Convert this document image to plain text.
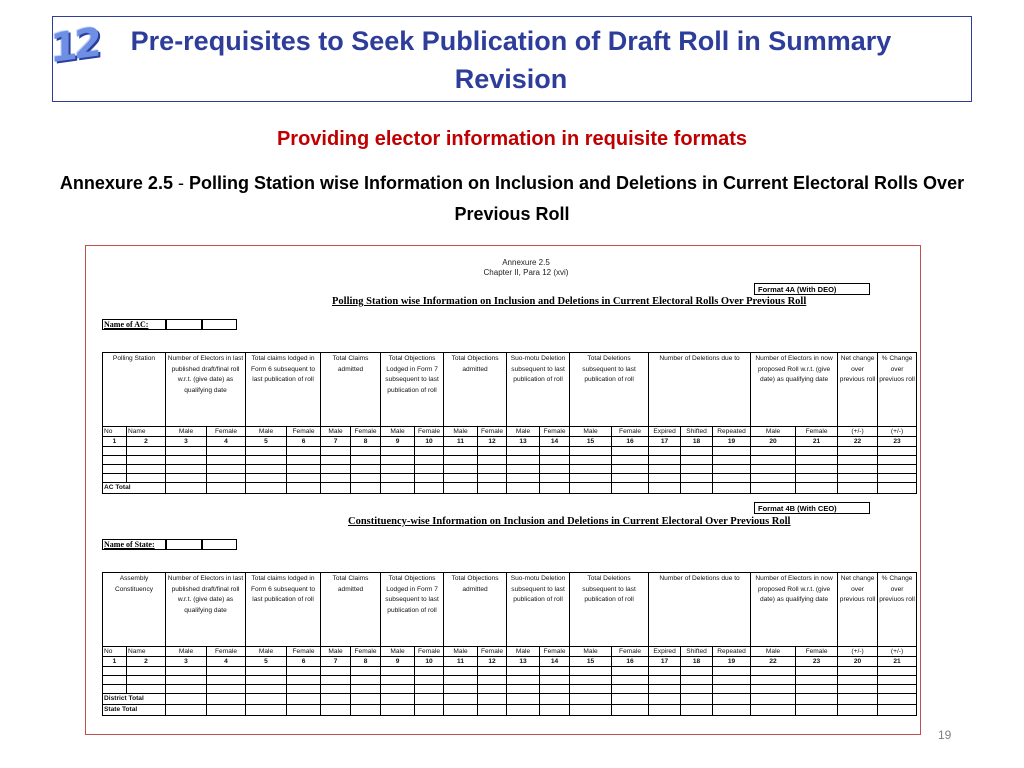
12	Pre-requisites to Seek Publication of Draft Roll in Summary Revision
Providing elector information in requisite formats
Annexure 2.5 - Polling Station wise Information on Inclusion and Deletions in Current Electoral Rolls Over Previous Roll
Annexure 2.5
Chapter II, Para 12 (xvi)
Format 4A (With DEO)
Polling Station wise Information on Inclusion and Deletions in Current Electoral Rolls Over Previous Roll
Name of AC:
Polling Station		Number of Electors in last published draft/final roll w.r.t. (give date) as qualifying date		Total claims lodged in Form 6 subsequent to last publication of roll		Total Claims admitted		Total Objections Lodged in Form 7 subsequent to last publication of roll		Total Objections admitted		Suo-motu Deletion subsequent to last publication of roll		Total Deletions subsequent to last publication of roll		Number of Deletions due to			Number of Electors in now proposed Roll w.r.t. (give date) as qualifying date		Net change over previous roll	% Change over previuos roll
No	Name	Male	Female	Male	Female	Male	Female	Male	Female	Male	Female	Male	Female	Male	Female	Expired	Shifted	Repeated	Male	Female	(+/-)	(+/-)
1	2	3	4	5	6	7	8	9	10	11	12	13	14	15	16	17	18	19	20	21	22	23

AC Total																						
Format 4B (With CEO)
Constituency-wise Information on Inclusion and Deletions in Current Electoral Over Previous Roll
Name of State:
Assembly Constituency		Number of Electors in last published draft/final roll w.r.t. (give date) as qualifying date		Total claims lodged in Form 6 subsequent to last publication of roll		Total Claims admitted		Total Objections Lodged in Form 7 subsequent to last publication of roll		Total Objections admitted		Suo-motu Deletion subsequent to last publication of roll		Total Deletions subsequent to last publication of roll		Number of Deletions due to			Number of Electors in now proposed Roll w.r.t. (give date) as qualifying date		Net change over previous roll	% Change over previuos roll
No	Name	Male	Female	Male	Female	Male	Female	Male	Female	Male	Female	Male	Female	Male	Female	Expired	Shifted	Repeated	Male	Female	(+/-)	(+/-)
1	2	3	4	5	6	7	8	9	10	11	12	13	14	15	16	17	18	19	22	23	20	21

District Total																						
State Total																						
19
